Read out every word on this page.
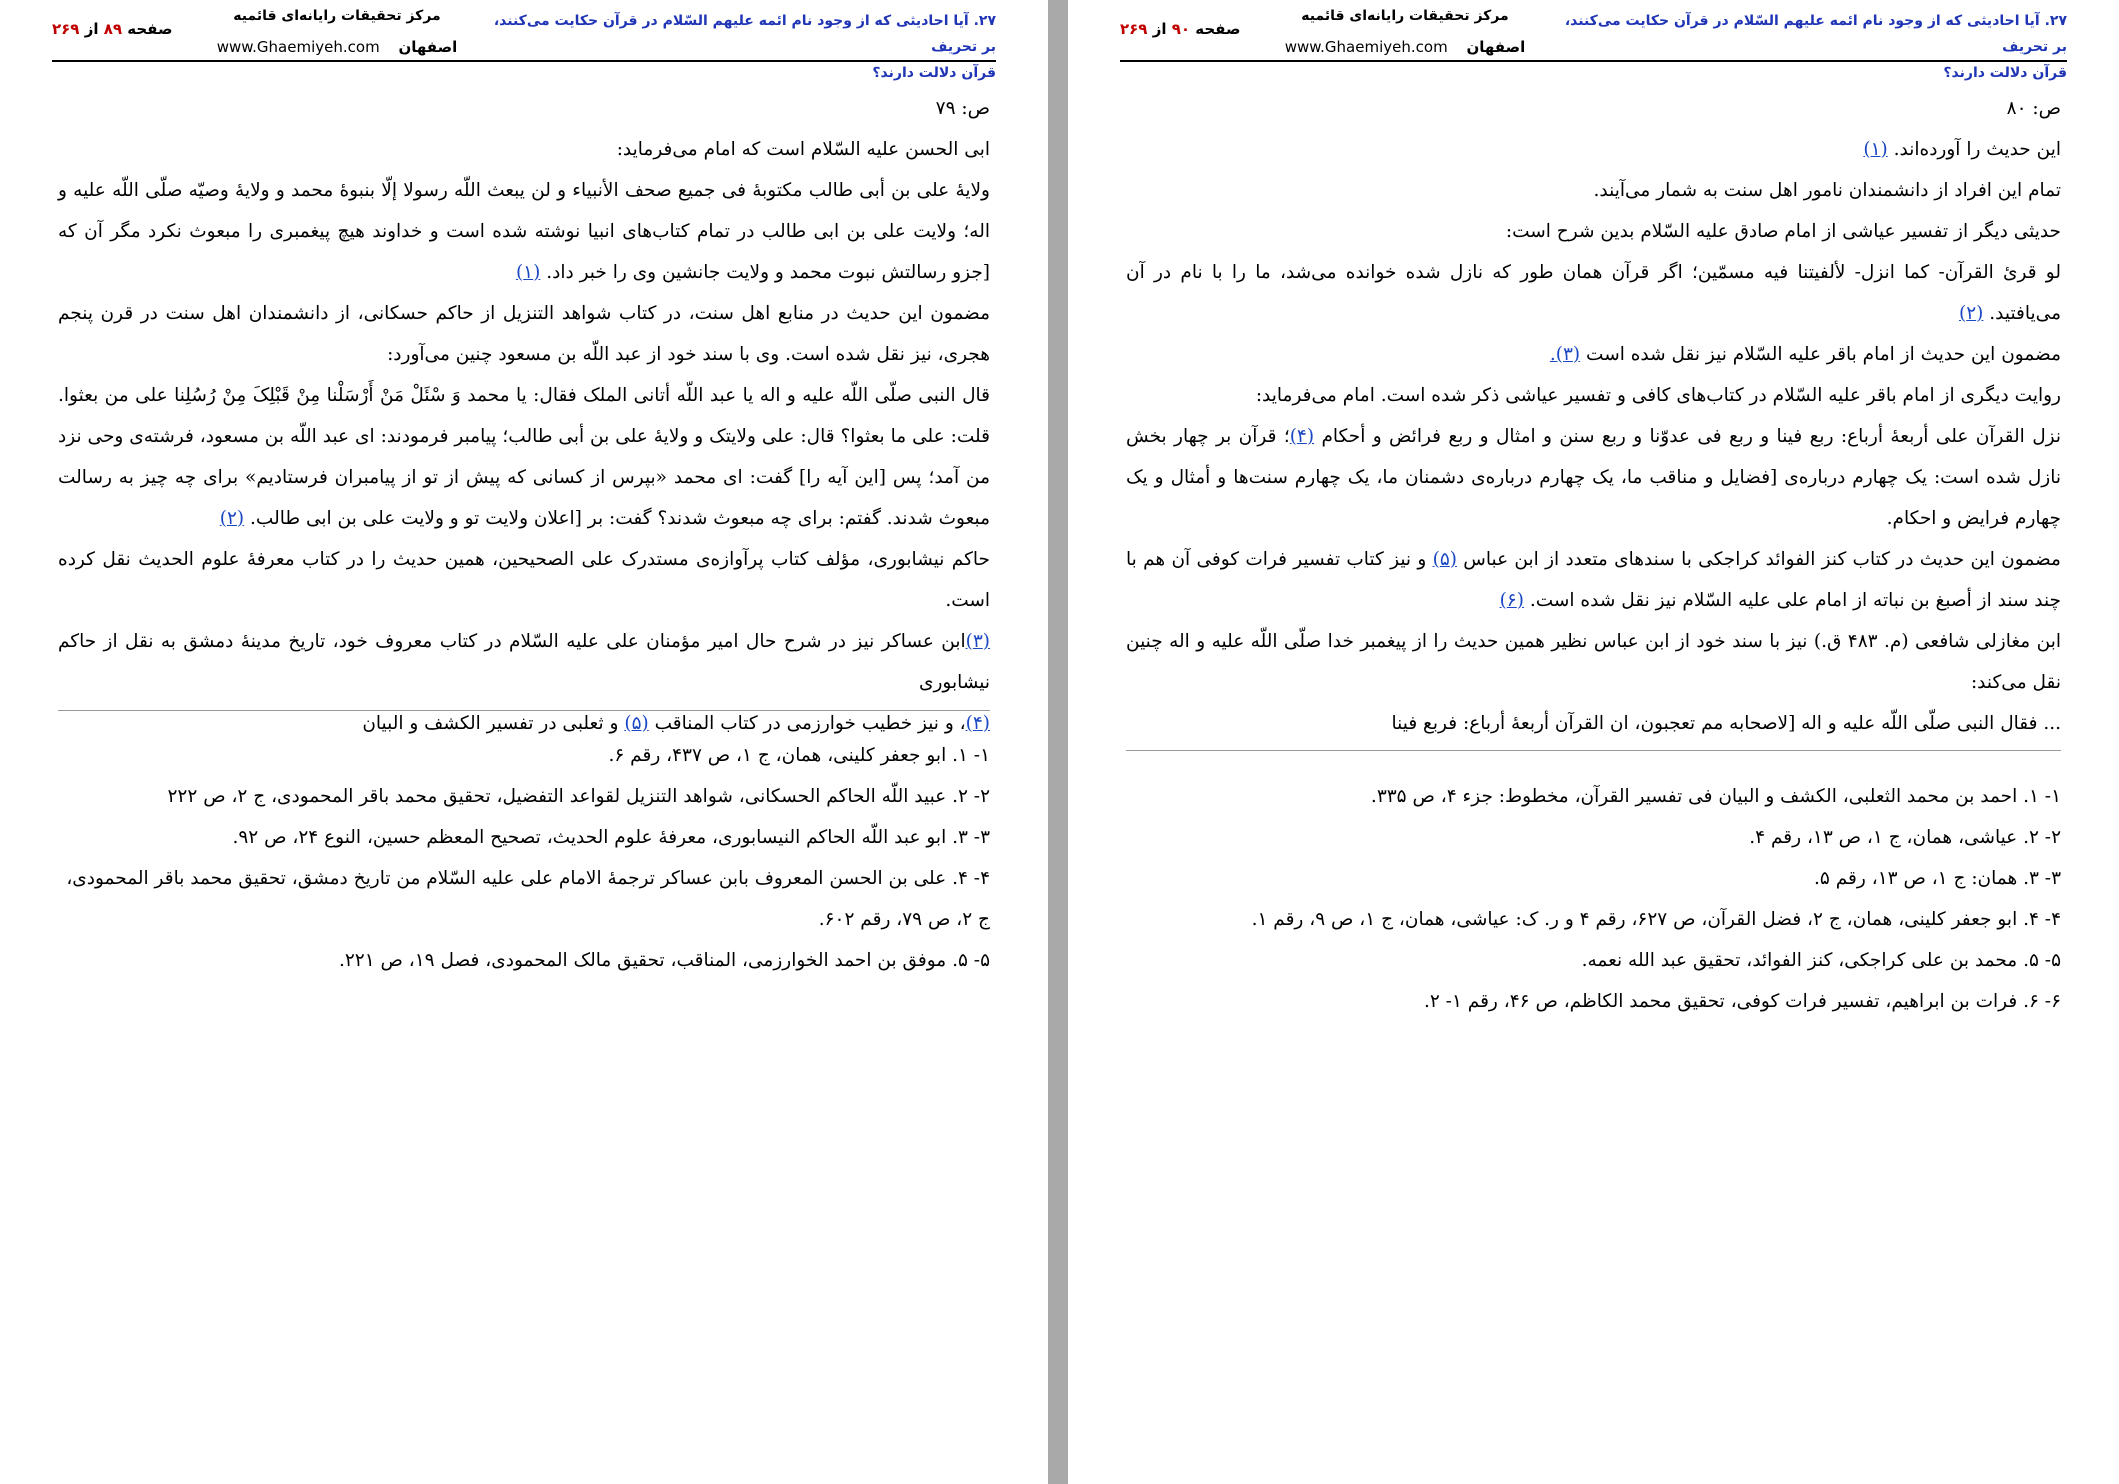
صفحه ۸۹ از ۲۶۹
مرکز تحقیقات رایانه‌ای قائمیه
اصفهان www.Ghaemiyeh.com
۲۷. آیا احادیثی که از وجود نام ائمه علیهم السّلام در قرآن حکایت می‌کنند، بر تحریف
قرآن دلالت دارند؟

ص: ۷۹

ابی الحسن علیه السّلام است که امام می‌فرماید:

ولایهٔ علی بن أبی طالب مکتوبهٔ فی جمیع صحف الأنبیاء و لن یبعث اللّه رسولا إلّا بنبوهٔ محمد و ولایهٔ وصیّه صلّی اللّه علیه و اله؛ ولایت علی بن ابی طالب در تمام کتاب‌های انبیا نوشته شده است و خداوند هیچ پیغمبری را مبعوث نکرد مگر آن که [جزو رسالتش نبوت محمد و ولایت جانشین وی را خبر داد. (۱)

مضمون این حدیث در منابع اهل سنت، در کتاب شواهد التنزیل از حاکم حسکانی، از دانشمندان اهل سنت در قرن پنجم هجری، نیز نقل شده است. وی با سند خود از عبد اللّه بن مسعود چنین می‌آورد:

قال النبی صلّی اللّه علیه و اله یا عبد اللّه أتانی الملک فقال: یا محمد وَ سْئَلْ مَنْ أَرْسَلْنا مِنْ قَبْلِکَ مِنْ رُسُلِنا علی من بعثوا. قلت: علی ما بعثوا؟ قال: علی ولایتک و ولایهٔ علی بن أبی طالب؛ پیامبر فرمودند: ای عبد اللّه بن مسعود، فرشته‌ی وحی نزد من آمد؛ پس [این آیه را] گفت: ای محمد «بپرس از کسانی که پیش از تو از پیامبران فرستادیم» برای چه چیز به رسالت مبعوث شدند. گفتم: برای چه مبعوث شدند؟ گفت: بر [اعلان ولایت تو و ولایت علی بن ابی طالب. (۲)

حاکم نیشابوری، مؤلف کتاب پرآوازه‌ی مستدرک علی الصحیحین، همین حدیث را در کتاب معرفهٔ علوم الحدیث نقل کرده است.

(۳)ابن عساکر نیز در شرح حال امیر مؤمنان علی علیه السّلام در کتاب معروف خود، تاریخ مدینهٔ دمشق به نقل از حاکم نیشابوری

(۴)، و نیز خطیب خوارزمی در کتاب المناقب (۵) و ثعلبی در تفسیر الکشف و البیان

۱- ۱. ابو جعفر کلینی، همان، ج ۱، ص ۴۳۷، رقم ۶.

۲- ۲. عبید اللّه الحاکم الحسکانی، شواهد التنزیل لقواعد التفضیل، تحقیق محمد باقر المحمودی، ج ۲، ص ۲۲۲

۳- ۳. ابو عبد اللّه الحاکم النیسابوری، معرفهٔ علوم الحدیث، تصحیح المعظم حسین، النوع ۲۴، ص ۹۲.

۴- ۴. علی بن الحسن المعروف بابن عساکر ترجمهٔ الامام علی علیه السّلام من تاریخ دمشق، تحقیق محمد باقر المحمودی، ج ۲، ص ۷۹، رقم ۶۰۲.

۵- ۵. موفق بن احمد الخوارزمی، المناقب، تحقیق مالک المحمودی، فصل ۱۹، ص ۲۲۱.

صفحه ۹۰ از ۲۶۹
مرکز تحقیقات رایانه‌ای قائمیه
اصفهان www.Ghaemiyeh.com
۲۷. آیا احادیثی که از وجود نام ائمه علیهم السّلام در قرآن حکایت می‌کنند، بر تحریف
قرآن دلالت دارند؟

ص: ۸۰

این حدیث را آورده‌اند. (۱)

تمام این افراد از دانشمندان نامور اهل سنت به شمار می‌آیند.

حدیثی دیگر از تفسیر عیاشی از امام صادق علیه السّلام بدین شرح است:

لو قرئ القرآن- کما انزل- لألفیتنا فیه مسمّین؛ اگر قرآن همان طور که نازل شده خوانده می‌شد، ما را با نام در آن می‌یافتید. (۲)

مضمون این حدیث از امام باقر علیه السّلام نیز نقل شده است (۳).

روایت دیگری از امام باقر علیه السّلام در کتاب‌های کافی و تفسیر عیاشی ذکر شده است. امام می‌فرماید:

نزل القرآن علی أربعهٔ أرباع: ربع فینا و ربع فی عدوّنا و ربع سنن و امثال و ربع فرائض و أحکام (۴)؛ قرآن بر چهار بخش نازل شده است: یک چهارم درباره‌ی [فضایل و مناقب ما، یک چهارم درباره‌ی دشمنان ما، یک چهارم سنت‌ها و أمثال و یک چهارم فرایض و احکام.

مضمون این حدیث در کتاب کنز الفوائد کراجکی با سندهای متعدد از ابن عباس (۵) و نیز کتاب تفسیر فرات کوفی آن هم با چند سند از أصبغ بن نباته از امام علی علیه السّلام نیز نقل شده است. (۶)

ابن مغازلی شافعی (م. ۴۸۳ ق.) نیز با سند خود از ابن عباس نظیر همین حدیث را از پیغمبر خدا صلّی اللّه علیه و اله چنین نقل می‌کند:

... فقال النبی صلّی اللّه علیه و اله [لاصحابه مم تعجبون، ان القرآن أربعهٔ أرباع: فربع فینا

۱- ۱. احمد بن محمد الثعلبی، الکشف و البیان فی تفسیر القرآن، مخطوط: جزء ۴، ص ۳۳۵.

۲- ۲. عیاشی، همان، ج ۱، ص ۱۳، رقم ۴.

۳- ۳. همان: ج ۱، ص ۱۳، رقم ۵.

۴- ۴. ابو جعفر کلینی، همان، ج ۲، فضل القرآن، ص ۶۲۷، رقم ۴ و ر. ک: عیاشی، همان، ج ۱، ص ۹، رقم ۱.

۵- ۵. محمد بن علی کراجکی، کنز الفوائد، تحقیق عبد الله نعمه.

۶- ۶. فرات بن ابراهیم، تفسیر فرات کوفی، تحقیق محمد الکاظم، ص ۴۶، رقم ۱- ۲.
